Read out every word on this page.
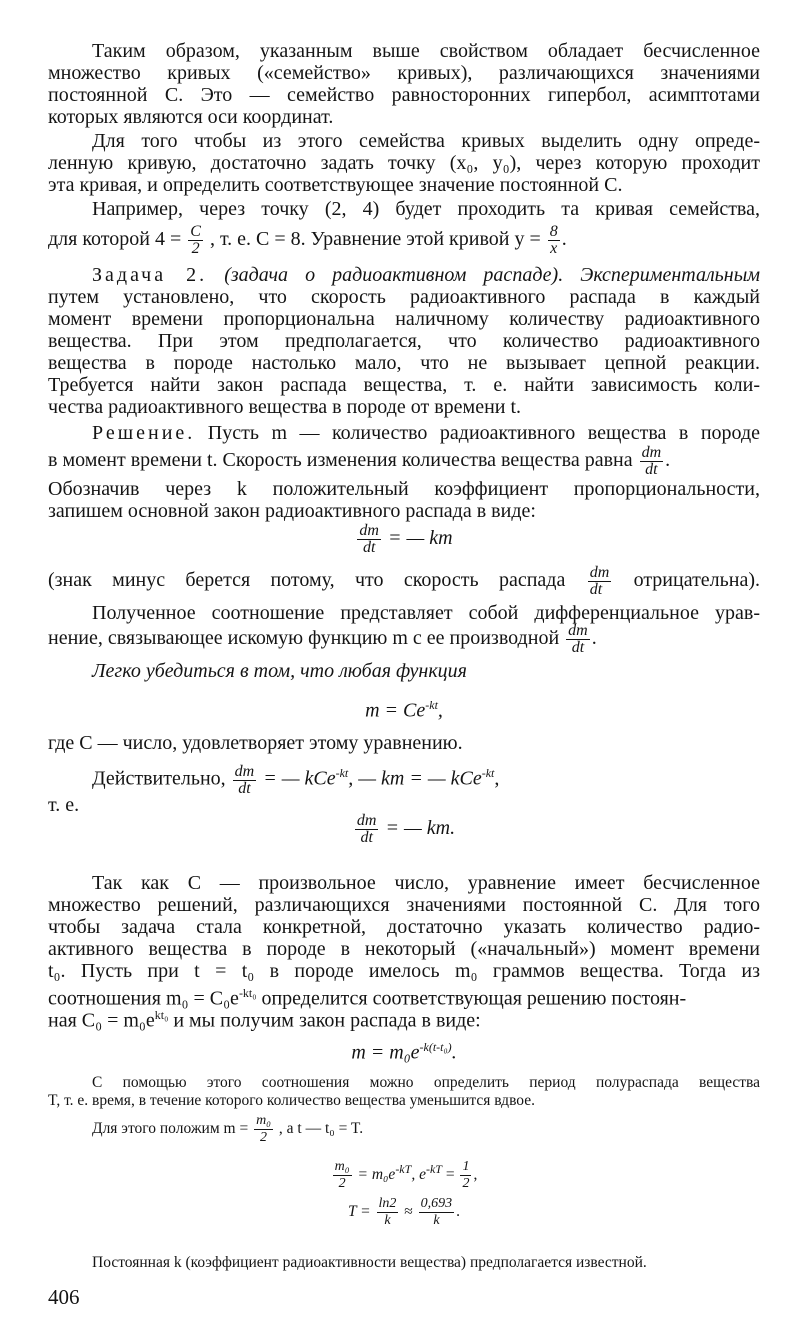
Таким образом, указанным выше свойством обладает бесчисленное
множество кривых («семейство» кривых), различающихся значениями
постоянной C. Это — семейство равносторонних гипербол, асимптотами
которых являются оси координат.
Для того чтобы из этого семейства кривых выделить одну опреде-
ленную кривую, достаточно задать точку (x₀, y₀), через которую проходит
эта кривая, и определить соответствующее значение постоянной C.
Например, через точку (2, 4) будет проходить та кривая семейства,
для которой $4 = \frac{C}{2}$ , т. е. C = 8. Уравнение этой кривой $y = \frac{8}{x}$ .
Задача 2. (задача о радиоактивном распаде). Экспериментальным
путем установлено, что скорость радиоактивного распада в каждый
момент времени пропорциональна наличному количеству радиоактивного
вещества. При этом предполагается, что количество радиоактивного
вещества в породе настолько мало, что не вызывает цепной реакции.
Требуется найти закон распада вещества, т. е. найти зависимость коли-
чества радиоактивного вещества в породе от времени t.
Решение. Пусть m — количество радиоактивного вещества в породе
в момент времени t. Скорость изменения количества вещества равна $\frac{dm}{dt}$ .
Обозначив через k положительный коэффициент пропорциональности,
запишем основной закон радиоактивного распада в виде:
$\frac{dm}{dt}$ = — km
(знак минус берется потому, что скорость распада $\frac{dm}{dt}$ отрицательна).
Полученное соотношение представляет собой дифференциальное урав-
нение, связывающее искомую функцию m с ее производной $\frac{dm}{dt}$ .
Легко убедиться в том, что любая функция
$m = Ce^{-kt}$,
где C — число, удовлетворяет этому уравнению.
Действительно, $\frac{dm}{dt}$ = — kCe$^{-kt}$, — km = — kCe$^{-kt}$,
т. е.
$\frac{dm}{dt}$ = — km.
Так как C — произвольное число, уравнение имеет бесчисленное
множество решений, различающихся значениями постоянной C. Для того
чтобы задача стала конкретной, достаточно указать количество радио-
активного вещества в породе в некоторый («начальный») момент времени
t₀. Пусть при t = t₀ в породе имелось m₀ граммов вещества. Тогда из
соотношения $m_0 = C_0e^{-kt_0}$ определится соответствующая решению постоян-
ная $C_0 = m_0e^{kt_0}$ и мы получим закон распада в виде:
$m = m_0e^{-k(t-t_0)}$.
С помощью этого соотношения можно определить период полураспада вещества
T, т. е. время, в течение которого количество вещества уменьшится вдвое.
Для этого положим $m = \frac{\text{m₀}}{2}$ , а t — t₀ = T.
$\frac{\text{m₀}}{2} = m_0e^{-kT}$, $e^{-kT} = \frac{1}{2}$ ,
$T = \frac{\ln 2}{k} \approx \frac{0,693}{k}$ .
Постоянная k (коэффициент радиоактивности вещества) предполагается известной.
406
